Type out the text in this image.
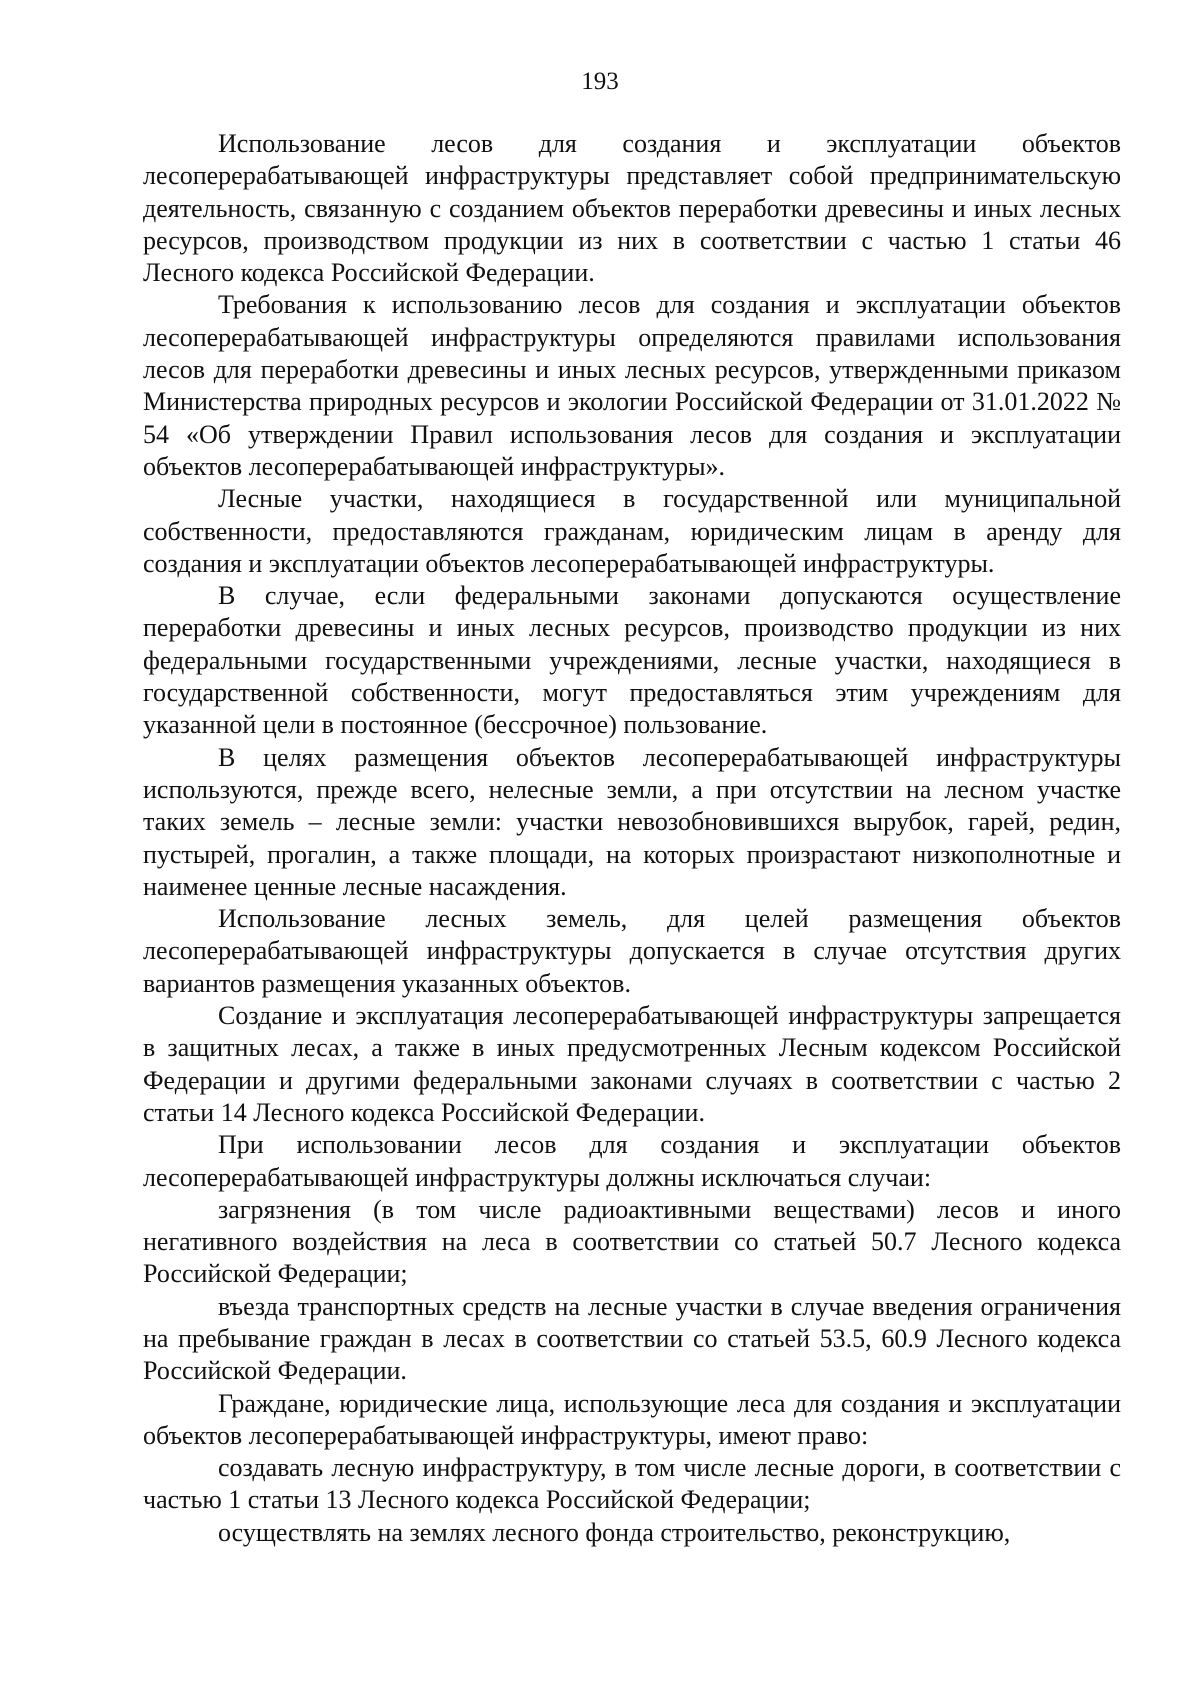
193

Использование лесов для создания и эксплуатации объектов лесоперерабатывающей инфраструктуры представляет собой предпринимательскую деятельность, связанную с созданием объектов переработки древесины и иных лесных ресурсов, производством продукции из них в соответствии с частью 1 статьи 46 Лесного кодекса Российской Федерации.

Требования к использованию лесов для создания и эксплуатации объектов лесоперерабатывающей инфраструктуры определяются правилами использования лесов для переработки древесины и иных лесных ресурсов, утвержденными приказом Министерства природных ресурсов и экологии Российской Федерации от 31.01.2022 № 54 «Об утверждении Правил использования лесов для создания и эксплуатации объектов лесоперерабатывающей инфраструктуры».

Лесные участки, находящиеся в государственной или муниципальной собственности, предоставляются гражданам, юридическим лицам в аренду для создания и эксплуатации объектов лесоперерабатывающей инфраструктуры.

В случае, если федеральными законами допускаются осуществление переработки древесины и иных лесных ресурсов, производство продукции из них федеральными государственными учреждениями, лесные участки, находящиеся в государственной собственности, могут предоставляться этим учреждениям для указанной цели в постоянное (бессрочное) пользование.

В целях размещения объектов лесоперерабатывающей инфраструктуры используются, прежде всего, нелесные земли, а при отсутствии на лесном участке таких земель – лесные земли: участки невозобновившихся вырубок, гарей, редин, пустырей, прогалин, а также площади, на которых произрастают низкополнотные и наименее ценные лесные насаждения.

Использование лесных земель, для целей размещения объектов лесоперерабатывающей инфраструктуры допускается в случае отсутствия других вариантов размещения указанных объектов.

Создание и эксплуатация лесоперерабатывающей инфраструктуры запрещается в защитных лесах, а также в иных предусмотренных Лесным кодексом Российской Федерации и другими федеральными законами случаях в соответствии с частью 2 статьи 14 Лесного кодекса Российской Федерации.

При использовании лесов для создания и эксплуатации объектов лесоперерабатывающей инфраструктуры должны исключаться случаи:

загрязнения (в том числе радиоактивными веществами) лесов и иного негативного воздействия на леса в соответствии со статьей 50.7 Лесного кодекса Российской Федерации;

въезда транспортных средств на лесные участки в случае введения ограничения на пребывание граждан в лесах в соответствии со статьей 53.5, 60.9 Лесного кодекса Российской Федерации.

Граждане, юридические лица, использующие леса для создания и эксплуатации объектов лесоперерабатывающей инфраструктуры, имеют право:

создавать лесную инфраструктуру, в том числе лесные дороги, в соответствии с частью 1 статьи 13 Лесного кодекса Российской Федерации;

осуществлять на землях лесного фонда строительство, реконструкцию,
